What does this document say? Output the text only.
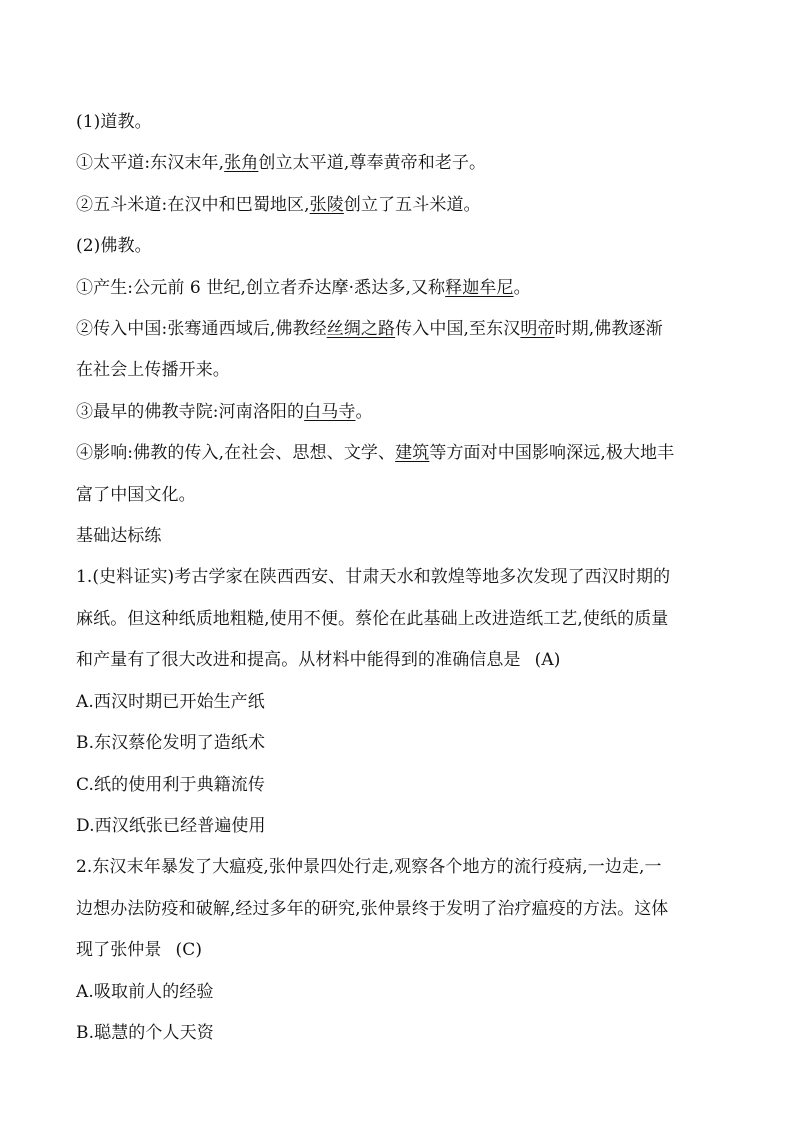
(1)道教。

①太平道:东汉末年,张角创立太平道,尊奉黄帝和老子。

②五斗米道:在汉中和巴蜀地区,张陵创立了五斗米道。

(2)佛教。

①产生:公元前 6 世纪,创立者乔达摩·悉达多,又称释迦牟尼。

②传入中国:张骞通西域后,佛教经丝绸之路传入中国,至东汉明帝时期,佛教逐渐

在社会上传播开来。

③最早的佛教寺院:河南洛阳的白马寺。

④影响:佛教的传入,在社会、思想、文学、建筑等方面对中国影响深远,极大地丰

富了中国文化。

基础达标练

1.(史料证实)考古学家在陕西西安、甘肃天水和敦煌等地多次发现了西汉时期的

麻纸。但这种纸质地粗糙,使用不便。蔡伦在此基础上改进造纸工艺,使纸的质量

和产量有了很大改进和提高。从材料中能得到的准确信息是 (A)

A.西汉时期已开始生产纸

B.东汉蔡伦发明了造纸术

C.纸的使用利于典籍流传

D.西汉纸张已经普遍使用

2.东汉末年暴发了大瘟疫,张仲景四处行走,观察各个地方的流行疫病,一边走,一

边想办法防疫和破解,经过多年的研究,张仲景终于发明了治疗瘟疫的方法。这体

现了张仲景 (C)

A.吸取前人的经验

B.聪慧的个人天资
